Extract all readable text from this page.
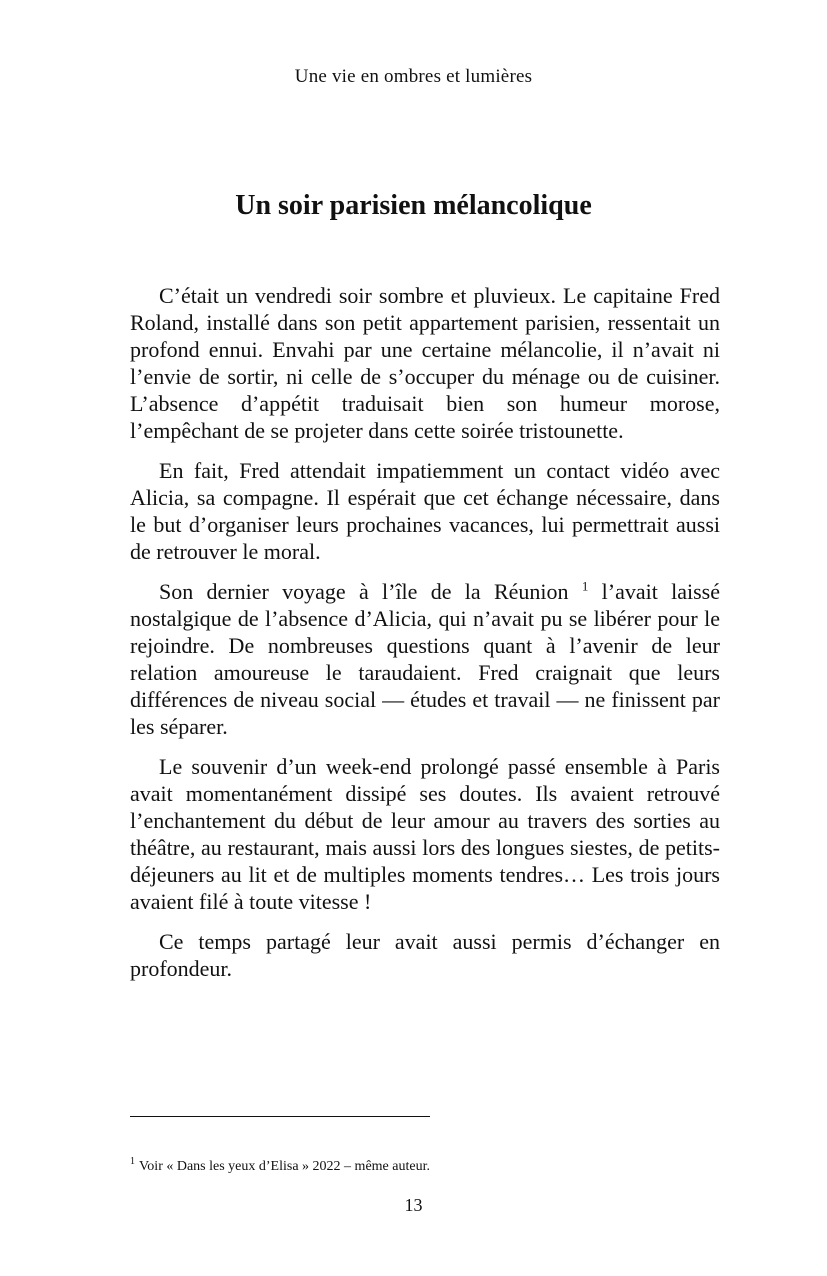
Une vie en ombres et lumières
Un soir parisien mélancolique

C’était un vendredi soir sombre et pluvieux. Le capitaine Fred Roland, installé dans son petit appartement parisien, ressentait un profond ennui. Envahi par une certaine mélancolie, il n’avait ni l’envie de sortir, ni celle de s’occuper du ménage ou de cuisiner. L’absence d’appétit traduisait bien son humeur morose, l’empêchant de se projeter dans cette soirée tristounette.

En fait, Fred attendait impatiemment un contact vidéo avec Alicia, sa compagne. Il espérait que cet échange nécessaire, dans le but d’organiser leurs prochaines vacances, lui permettrait aussi de retrouver le moral.

Son dernier voyage à l’île de la Réunion $^1$ l’avait laissé nostalgique de l’absence d’Alicia, qui n’avait pu se libérer pour le rejoindre. De nombreuses questions quant à l’avenir de leur relation amoureuse le taraudaient. Fred craignait que leurs différences de niveau social — études et travail — ne finissent par les séparer.

Le souvenir d’un week-end prolongé passé ensemble à Paris avait momentanément dissipé ses doutes. Ils avaient retrouvé l’enchantement du début de leur amour au travers des sorties au théâtre, au restaurant, mais aussi lors des longues siestes, de petits-déjeuners au lit et de multiples moments tendres… Les trois jours avaient filé à toute vitesse !

Ce temps partagé leur avait aussi permis d’échanger en profondeur.

$^1$ Voir « Dans les yeux d’Elisa » 2022 – même auteur.
13
